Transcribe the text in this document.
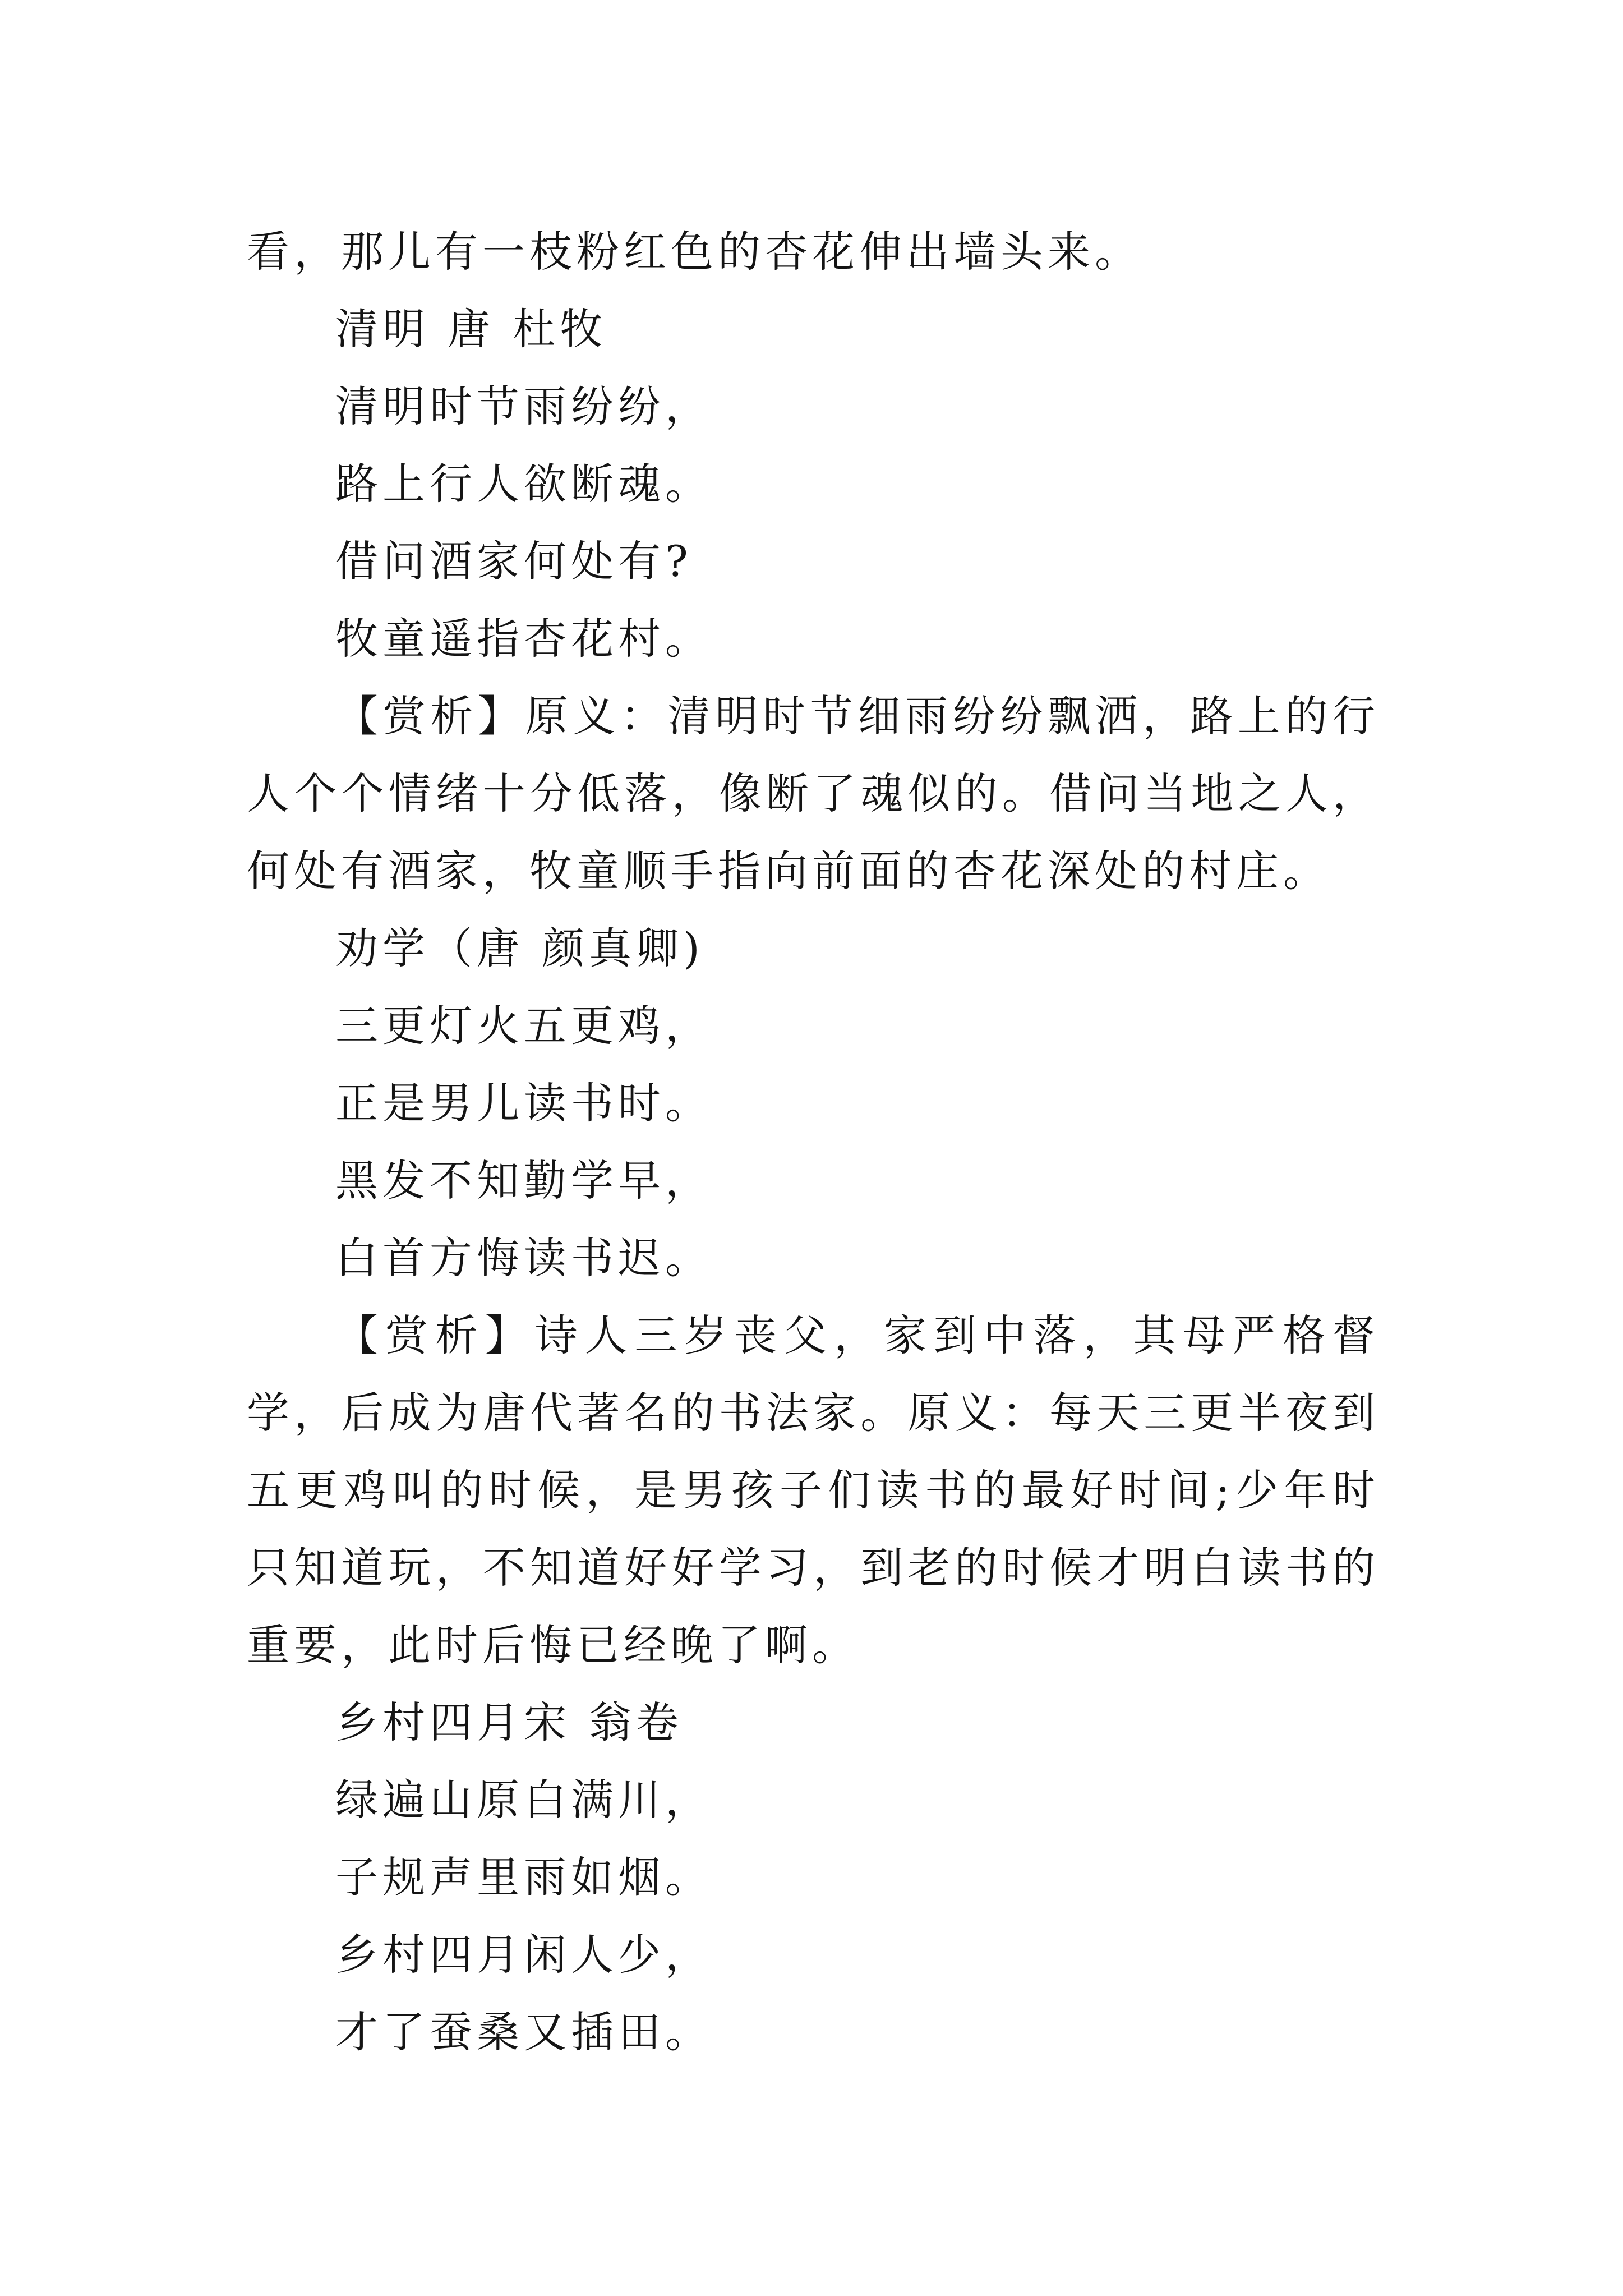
看，那儿有一枝粉红色的杏花伸出墙头来。

清明 唐 杜牧

清明时节雨纷纷，

路上行人欲断魂。

借问酒家何处有?

牧童遥指杏花村。

【赏析】原义：清明时节细雨纷纷飘洒，路上的行人个个情绪十分低落，像断了魂似的。借问当地之人，何处有酒家，牧童顺手指向前面的杏花深处的村庄。

劝学（唐 颜真卿)

三更灯火五更鸡，

正是男儿读书时。

黑发不知勤学早，

白首方悔读书迟。

【赏析】诗人三岁丧父，家到中落，其母严格督学，后成为唐代著名的书法家。原义：每天三更半夜到五更鸡叫的时候，是男孩子们读书的最好时间;少年时只知道玩，不知道好好学习，到老的时候才明白读书的重要，此时后悔已经晚了啊。

乡村四月宋 翁卷

绿遍山原白满川，

子规声里雨如烟。

乡村四月闲人少，

才了蚕桑又插田。
